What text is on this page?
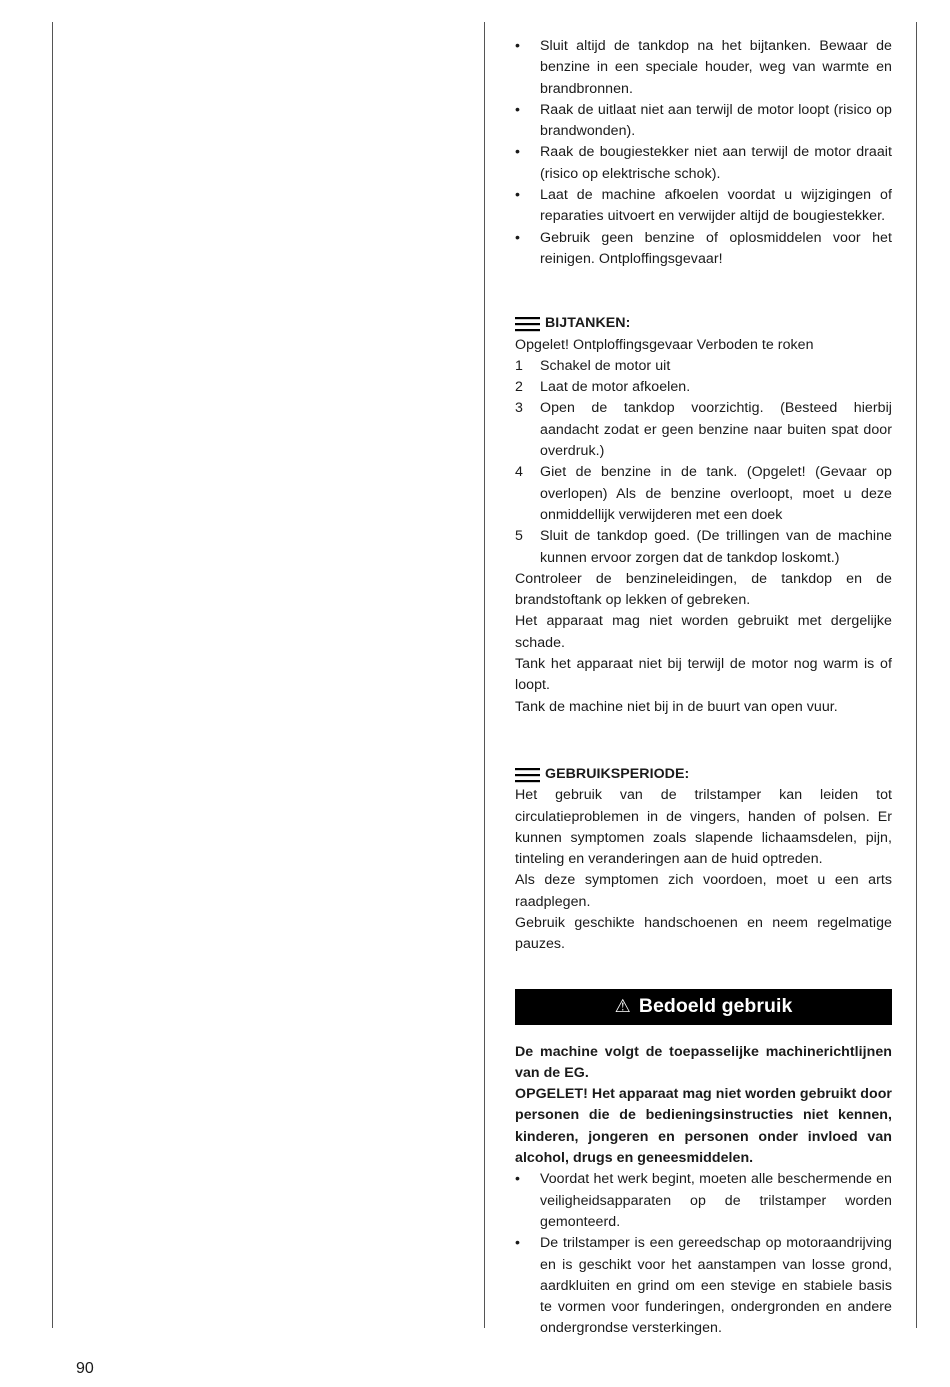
•	Sluit altijd de tankdop na het bijtanken. Bewaar de benzine in een speciale houder, weg van warmte en brandbronnen.
•	Raak de uitlaat niet aan terwijl de motor loopt (risico op brandwonden).
•	Raak de bougiestekker niet aan terwijl de motor draait (risico op elektrische schok).
•	Laat de machine afkoelen voordat u wijzigingen of reparaties uitvoert en verwijder altijd de bougiestekker.
•	Gebruik geen benzine of oplosmiddelen voor het reinigen. Ontploffingsgevaar!
BIJTANKEN:
Opgelet! Ontploffingsgevaar Verboden te roken
1	Schakel de motor uit
2	Laat de motor afkoelen.
3	Open de tankdop voorzichtig. (Besteed hierbij aandacht zodat er geen benzine naar buiten spat door overdruk.)
4	Giet de benzine in de tank. (Opgelet! (Gevaar op overlopen) Als de benzine overloopt, moet u deze onmiddellijk verwijderen met een doek
5	Sluit de tankdop goed. (De trillingen van de machine kunnen ervoor zorgen dat de tankdop loskomt.)
Controleer de benzineleidingen, de tankdop en de brandstoftank op lekken of gebreken.
Het apparaat mag niet worden gebruikt met dergelijke schade.
Tank het apparaat niet bij terwijl de motor nog warm is of loopt.
Tank de machine niet bij in de buurt van open vuur.
GEBRUIKSPERIODE:
Het gebruik van de trilstamper kan leiden tot circulatieproblemen in de vingers, handen of polsen. Er kunnen symptomen zoals slapende lichaamsdelen, pijn, tinteling en veranderingen aan de huid optreden.
Als deze symptomen zich voordoen, moet u een arts raadplegen.
Gebruik geschikte handschoenen en neem regelmatige pauzes.
⚠ Bedoeld gebruik
De machine volgt de toepasselijke machinerichtlijnen van de EG.
OPGELET! Het apparaat mag niet worden gebruikt door personen die de bedieningsinstructies niet kennen, kinderen, jongeren en personen onder invloed van alcohol, drugs en geneesmiddelen.
•	Voordat het werk begint, moeten alle beschermende en veiligheidsapparaten op de trilstamper worden gemonteerd.
•	De trilstamper is een gereedschap op motoraandrijving en is geschikt voor het aanstampen van losse grond, aardkluiten en grind om een stevige en stabiele basis te vormen voor funderingen, ondergronden en andere ondergrondse versterkingen.
90
